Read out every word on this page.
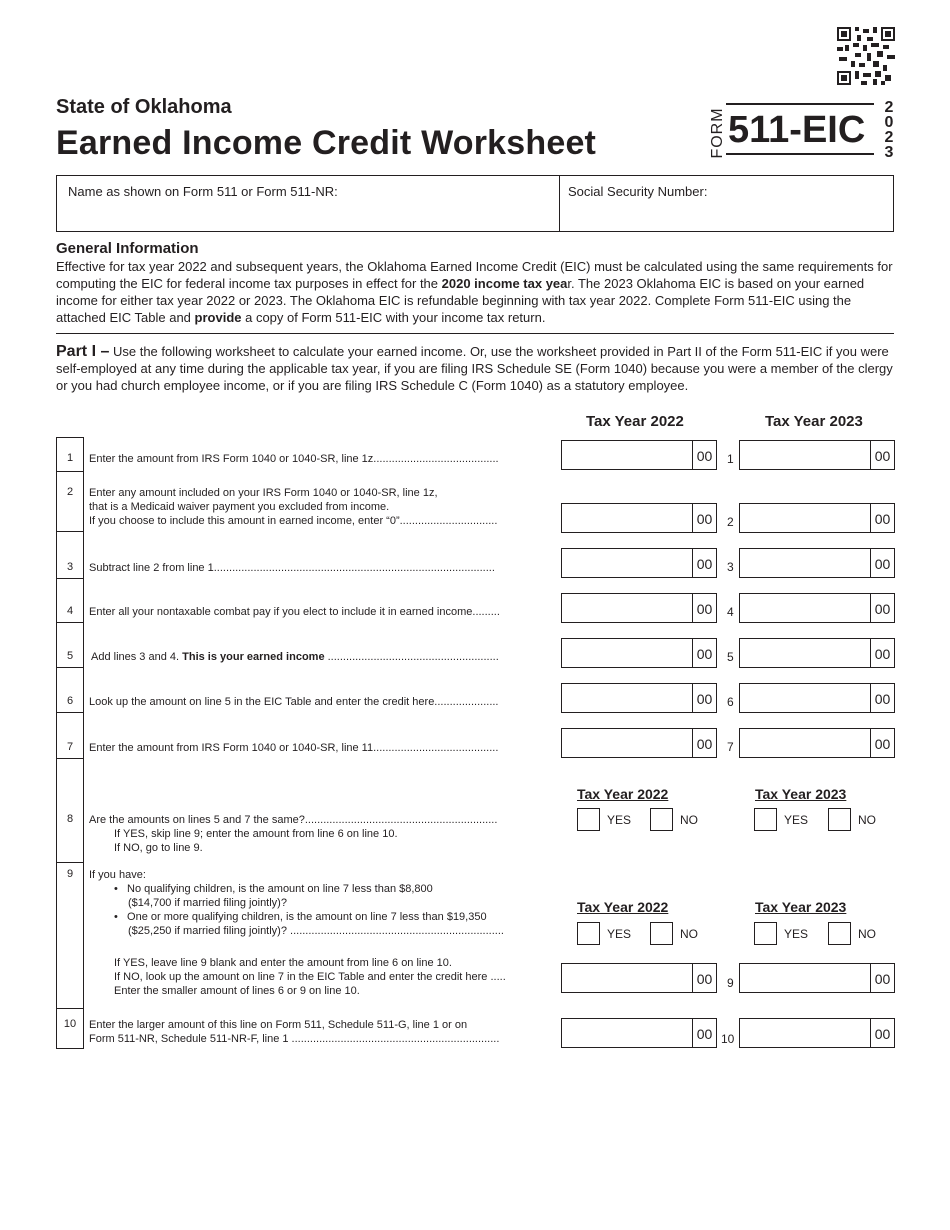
State of Oklahoma
Earned Income Credit Worksheet	FORM 511-EIC
2
0
2
3
Name as shown on Form 511 or Form 511-NR:	Social Security Number:
General Information
Effective for tax year 2022 and subsequent years, the Oklahoma Earned Income Credit (EIC) must be calculated using the same requirements for computing the EIC for federal income tax purposes in effect for the 2020 income tax year. The 2023 Oklahoma EIC is based on your earned income for either tax year 2022 or 2023. The Oklahoma EIC is refundable beginning with tax year 2022. Complete Form 511-EIC using the attached EIC Table and provide a copy of Form 511-EIC with your income tax return.
Part I – Use the following worksheet to calculate your earned income. Or, use the worksheet provided in Part II of the Form 511-EIC if you were self-employed at any time during the applicable tax year, if you are filing IRS Schedule SE (Form 1040) because you were a member of the clergy or you had church employee income, or if you are filing IRS Schedule C (Form 1040) as a statutory employee.
Tax Year 2022	Tax Year 2023
1	Enter the amount from IRS Form 1040 or 1040-SR, line 1z.........................................	00	1	00
2	Enter any amount included on your IRS Form 1040 or 1040-SR, line 1z,
that is a Medicaid waiver payment you excluded from income.
If you choose to include this amount in earned income, enter “0”................................	00	2	00
3	Subtract line 2 from line 1............................................................................................	00	3	00
4	Enter all your nontaxable combat pay if you elect to include it in earned income.........	00	4	00
5	Add lines 3 and 4. This is your earned income ........................................................	00	5	00
6	Look up the amount on line 5 in the EIC Table and enter the credit here.....................	00	6	00
7	Enter the amount from IRS Form 1040 or 1040-SR, line 11.........................................	00	7	00
Tax Year 2022	Tax Year 2023
8	Are the amounts on lines 5 and 7 the same?...............................................................
If YES, skip line 9; enter the amount from line 6 on line 10.
If NO, go to line 9.
YES	NO	YES	NO
9	If you have:
•   No qualifying children, is the amount on line 7 less than $8,800
($14,700 if married filing jointly)?
•   One or more qualifying children, is the amount on line 7 less than $19,350
($25,250 if married filing jointly)? ......................................................................
If YES, leave line 9 blank and enter the amount from line 6 on line 10.
If NO, look up the amount on line 7 in the EIC Table and enter the credit here .....
Enter the smaller amount of lines 6 or 9 on line 10.
Tax Year 2022	Tax Year 2023
YES	NO	YES	NO
00	9	00
10	Enter the larger amount of this line on Form 511, Schedule 511-G, line 1 or on
Form 511-NR, Schedule 511-NR-F, line 1 ....................................................................	00 10	00
